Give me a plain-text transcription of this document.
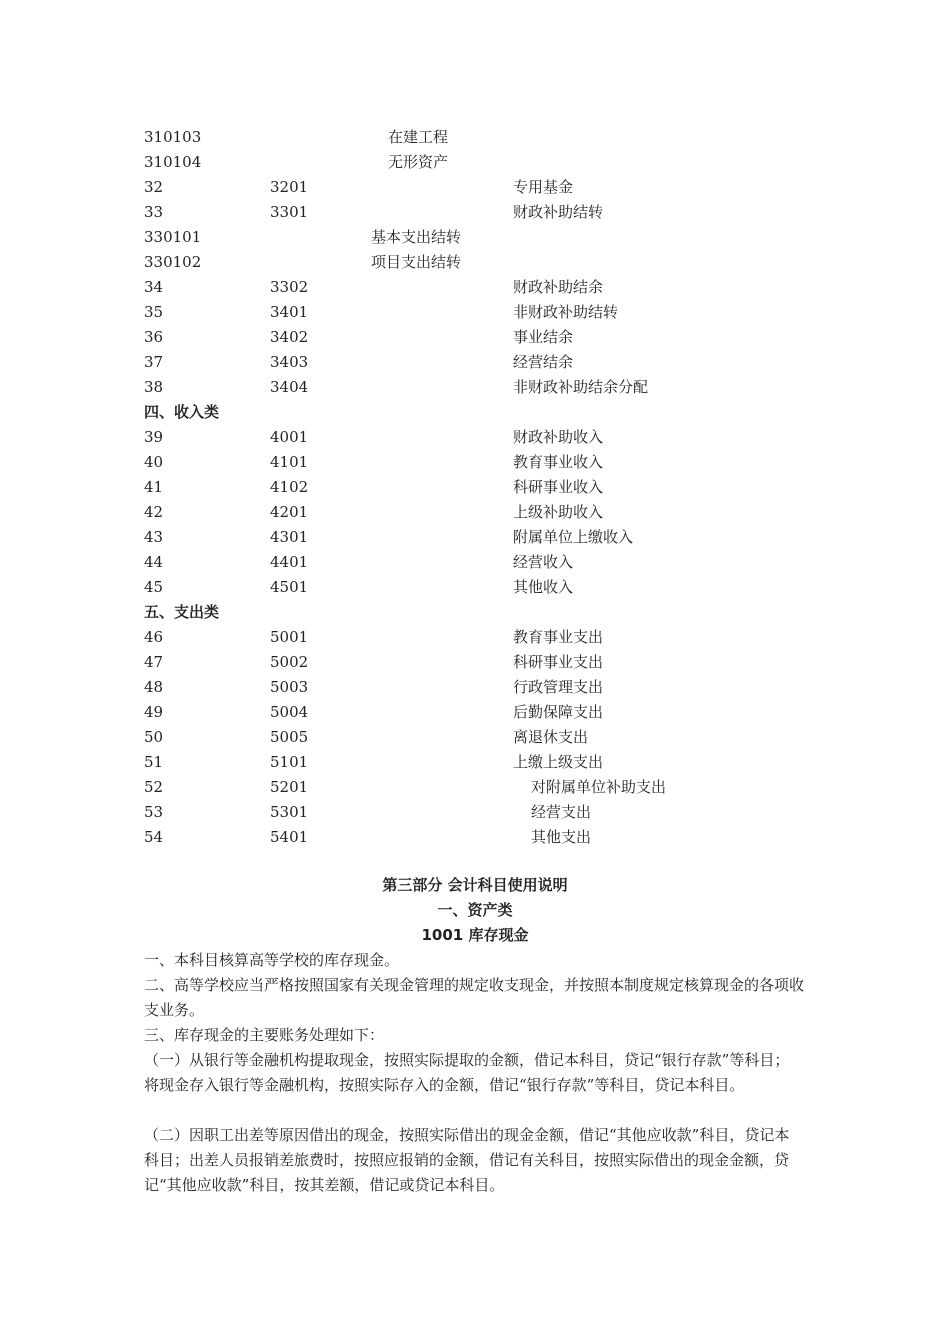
310103	在建工程
310104	无形资产
32	3201	专用基金
33	3301	财政补助结转
330101	基本支出结转
330102	项目支出结转
34	3302	财政补助结余
35	3401	非财政补助结转
36	3402	事业结余
37	3403	经营结余
38	3404	非财政补助结余分配
四、收入类
39	4001	财政补助收入
40	4101	教育事业收入
41	4102	科研事业收入
42	4201	上级补助收入
43	4301	附属单位上缴收入
44	4401	经营收入
45	4501	其他收入
五、支出类
46	5001	教育事业支出
47	5002	科研事业支出
48	5003	行政管理支出
49	5004	后勤保障支出
50	5005	离退休支出
51	5101	上缴上级支出
52	5201	对附属单位补助支出
53	5301	经营支出
54	5401	其他支出
第三部分 会计科目使用说明
一、资产类
1001 库存现金

一、本科目核算高等学校的库存现金。

二、高等学校应当严格按照国家有关现金管理的规定收支现金，并按照本制度规定核算现金的各项收支业务。

三、库存现金的主要账务处理如下：

（一）从银行等金融机构提取现金，按照实际提取的金额，借记本科目，贷记“银行存款”等科目；将现金存入银行等金融机构，按照实际存入的金额，借记“银行存款”等科目，贷记本科目。

（二）因职工出差等原因借出的现金，按照实际借出的现金金额，借记“其他应收款”科目，贷记本科目；出差人员报销差旅费时，按照应报销的金额，借记有关科目，按照实际借出的现金金额，贷记“其他应收款”科目，按其差额，借记或贷记本科目。
